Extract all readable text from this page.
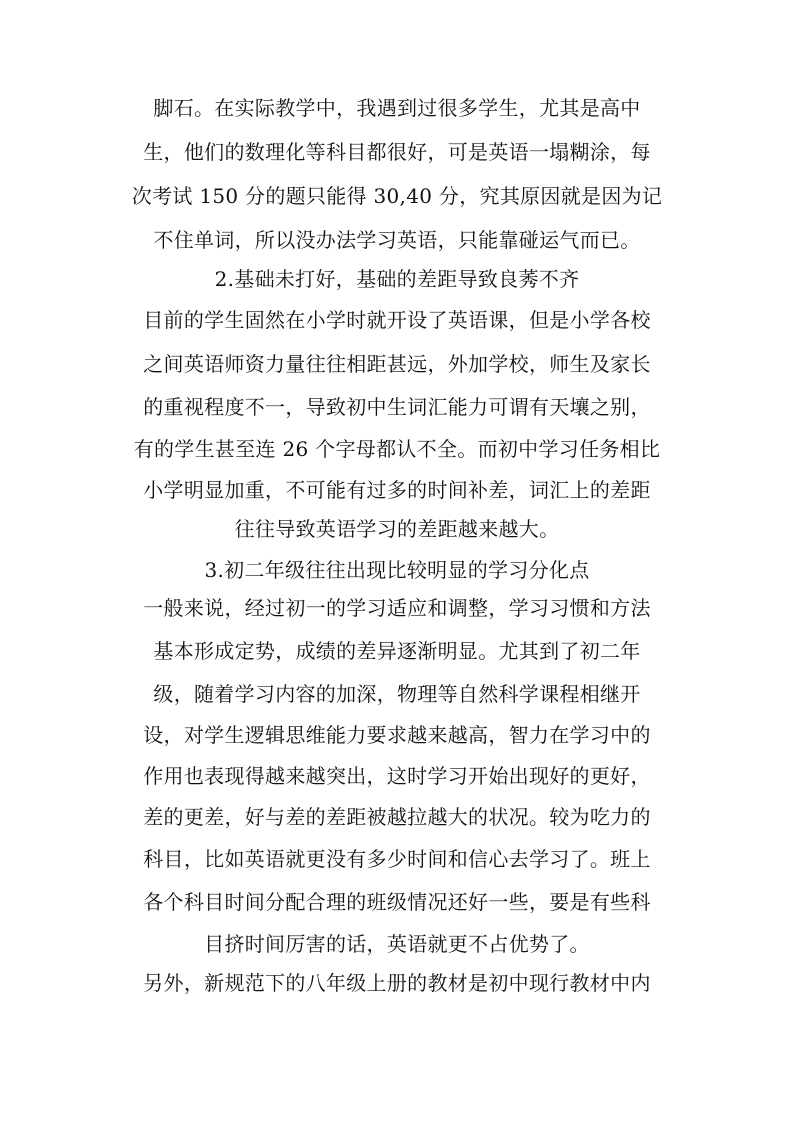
脚石。在实际教学中，我遇到过很多学生，尤其是高中
生，他们的数理化等科目都很好，可是英语一塌糊涂，每
次考试 150 分的题只能得 30,40 分，究其原因就是因为记
不住单词，所以没办法学习英语，只能靠碰运气而已。
2.基础未打好，基础的差距导致良莠不齐
目前的学生固然在小学时就开设了英语课，但是小学各校
之间英语师资力量往往相距甚远，外加学校，师生及家长
的重视程度不一，导致初中生词汇能力可谓有天壤之别，
有的学生甚至连 26 个字母都认不全。而初中学习任务相比
小学明显加重，不可能有过多的时间补差，词汇上的差距
往往导致英语学习的差距越来越大。
3.初二年级往往出现比较明显的学习分化点
一般来说，经过初一的学习适应和调整，学习习惯和方法
基本形成定势，成绩的差异逐渐明显。尤其到了初二年
级，随着学习内容的加深，物理等自然科学课程相继开
设，对学生逻辑思维能力要求越来越高，智力在学习中的
作用也表现得越来越突出，这时学习开始出现好的更好，
差的更差，好与差的差距被越拉越大的状况。较为吃力的
科目，比如英语就更没有多少时间和信心去学习了。班上
各个科目时间分配合理的班级情况还好一些，要是有些科
目挤时间厉害的话，英语就更不占优势了。
另外，新规范下的八年级上册的教材是初中现行教材中内
